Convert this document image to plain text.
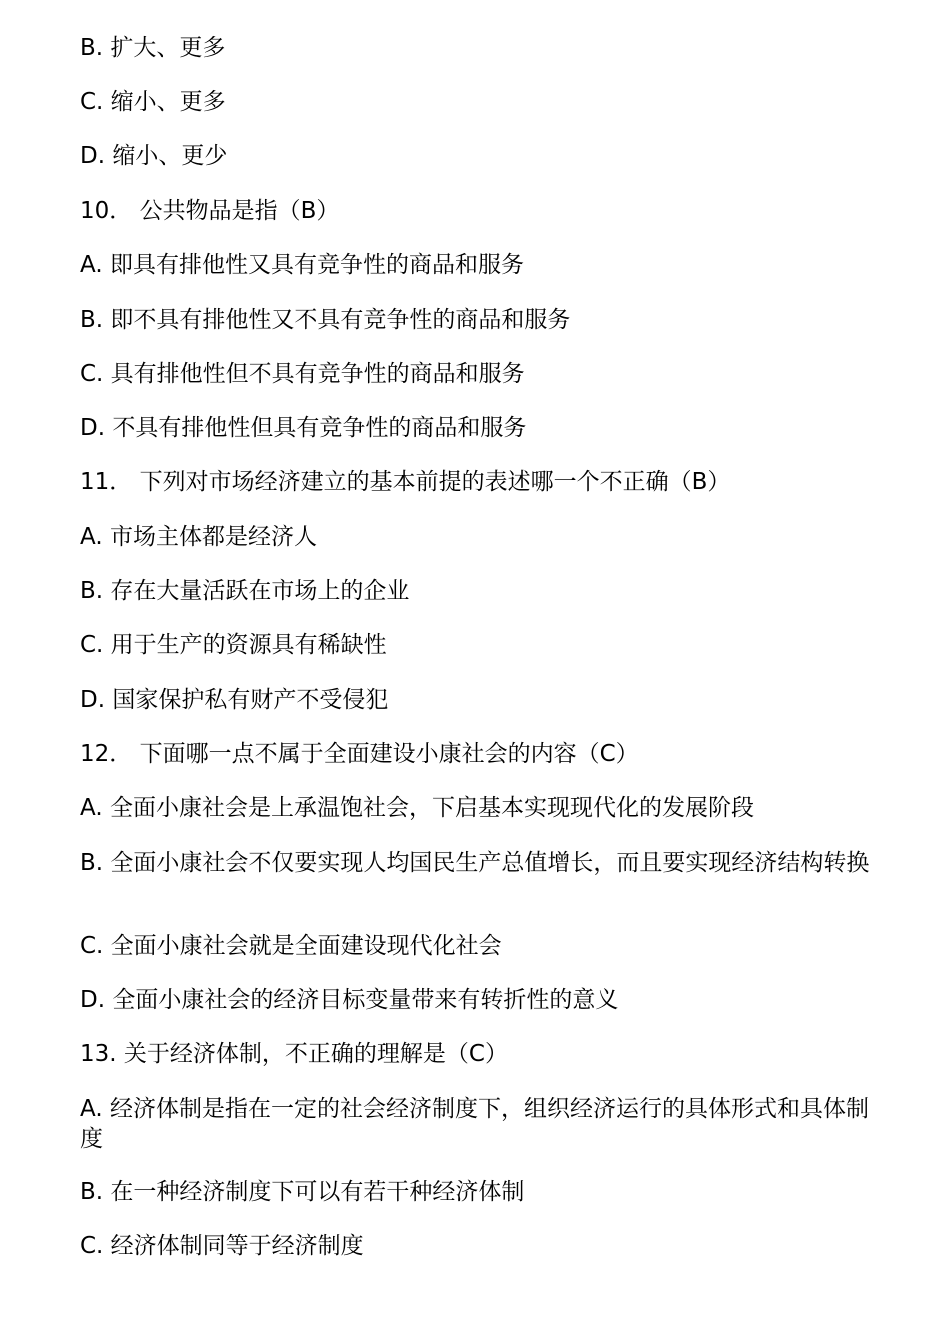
B. 扩大、更多
C. 缩小、更多
D. 缩小、更少
10． 公共物品是指（B）
A. 即具有排他性又具有竞争性的商品和服务
B. 即不具有排他性又不具有竞争性的商品和服务
C. 具有排他性但不具有竞争性的商品和服务
D. 不具有排他性但具有竞争性的商品和服务
11． 下列对市场经济建立的基本前提的表述哪一个不正确（B）
A. 市场主体都是经济人
B. 存在大量活跃在市场上的企业
C. 用于生产的资源具有稀缺性
D. 国家保护私有财产不受侵犯
12． 下面哪一点不属于全面建设小康社会的内容（C）
A. 全面小康社会是上承温饱社会，下启基本实现现代化的发展阶段
B. 全面小康社会不仅要实现人均国民生产总值增长，而且要实现经济结构转换
C. 全面小康社会就是全面建设现代化社会
D. 全面小康社会的经济目标变量带来有转折性的意义
13. 关于经济体制，不正确的理解是（C）
A. 经济体制是指在一定的社会经济制度下，组织经济运行的具体形式和具体制度
B. 在一种经济制度下可以有若干种经济体制
C. 经济体制同等于经济制度
